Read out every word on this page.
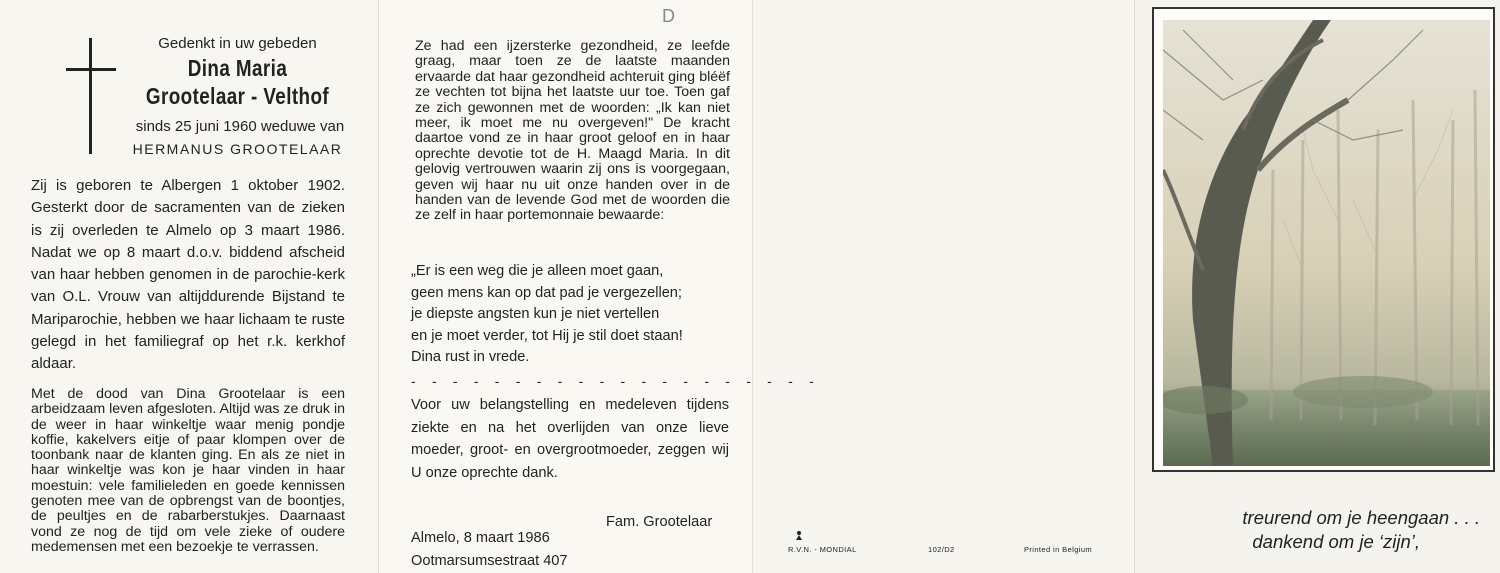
Gedenkt in uw gebeden
Dina Maria
Grootelaar - Velthof
sinds 25 juni 1960 weduwe van
HERMANUS GROOTELAAR
Zij is geboren te Albergen 1 oktober 1902. Gesterkt door de sacramenten van de zieken is zij overleden te Almelo op 3 maart 1986. Nadat we op 8 maart d.o.v. biddend afscheid van haar hebben genomen in de parochie-kerk van O.L. Vrouw van altijddurende Bijstand te Mariparochie, hebben we haar lichaam te ruste gelegd in het familiegraf op het r.k. kerkhof aldaar.
Met de dood van Dina Grootelaar is een arbeidzaam leven afgesloten. Altijd was ze druk in de weer in haar winkeltje waar menig pondje koffie, kakelvers eitje of paar klompen over de toonbank naar de klanten ging. En als ze niet in haar winkeltje was kon je haar vinden in haar moestuin: vele familieleden en goede kennissen genoten mee van de opbrengst van de boontjes, de peultjes en de rabarberstukjes. Daarnaast vond ze nog de tijd om vele zieke of oudere medemensen met een bezoekje te verrassen.
D
Ze had een ijzersterke gezondheid, ze leefde graag, maar toen ze de laatste maanden ervaarde dat haar gezondheid achteruit ging bléëf ze vechten tot bijna het laatste uur toe. Toen gaf ze zich gewonnen met de woorden: „Ik kan niet meer, ik moet me nu overgeven!" De kracht daartoe vond ze in haar groot geloof en in haar oprechte devotie tot de H. Maagd Maria. In dit gelovig vertrouwen waarin zij ons is voorgegaan, geven wij haar nu uit onze handen over in de handen van de levende God met de woorden die ze zelf in haar portemonnaie bewaarde:
„Er is een weg die je alleen moet gaan,
geen mens kan op dat pad je vergezellen;
je diepste angsten kun je niet vertellen
en je moet verder, tot Hij je stil doet staan!
Dina rust in vrede.
- - - - - - - - - - - - - - - - - - - -
Voor uw belangstelling en medeleven tijdens ziekte en na het overlijden van onze lieve moeder, groot- en overgrootmoeder, zeggen wij U onze oprechte dank.
Fam. Grootelaar
Almelo, 8 maart 1986
Ootmarsumsestraat 407
R.V.N. - MONDIAL	102/D2	Printed in Belgium
treurend om je heengaan . . .
dankend om je ‘zijn’,
